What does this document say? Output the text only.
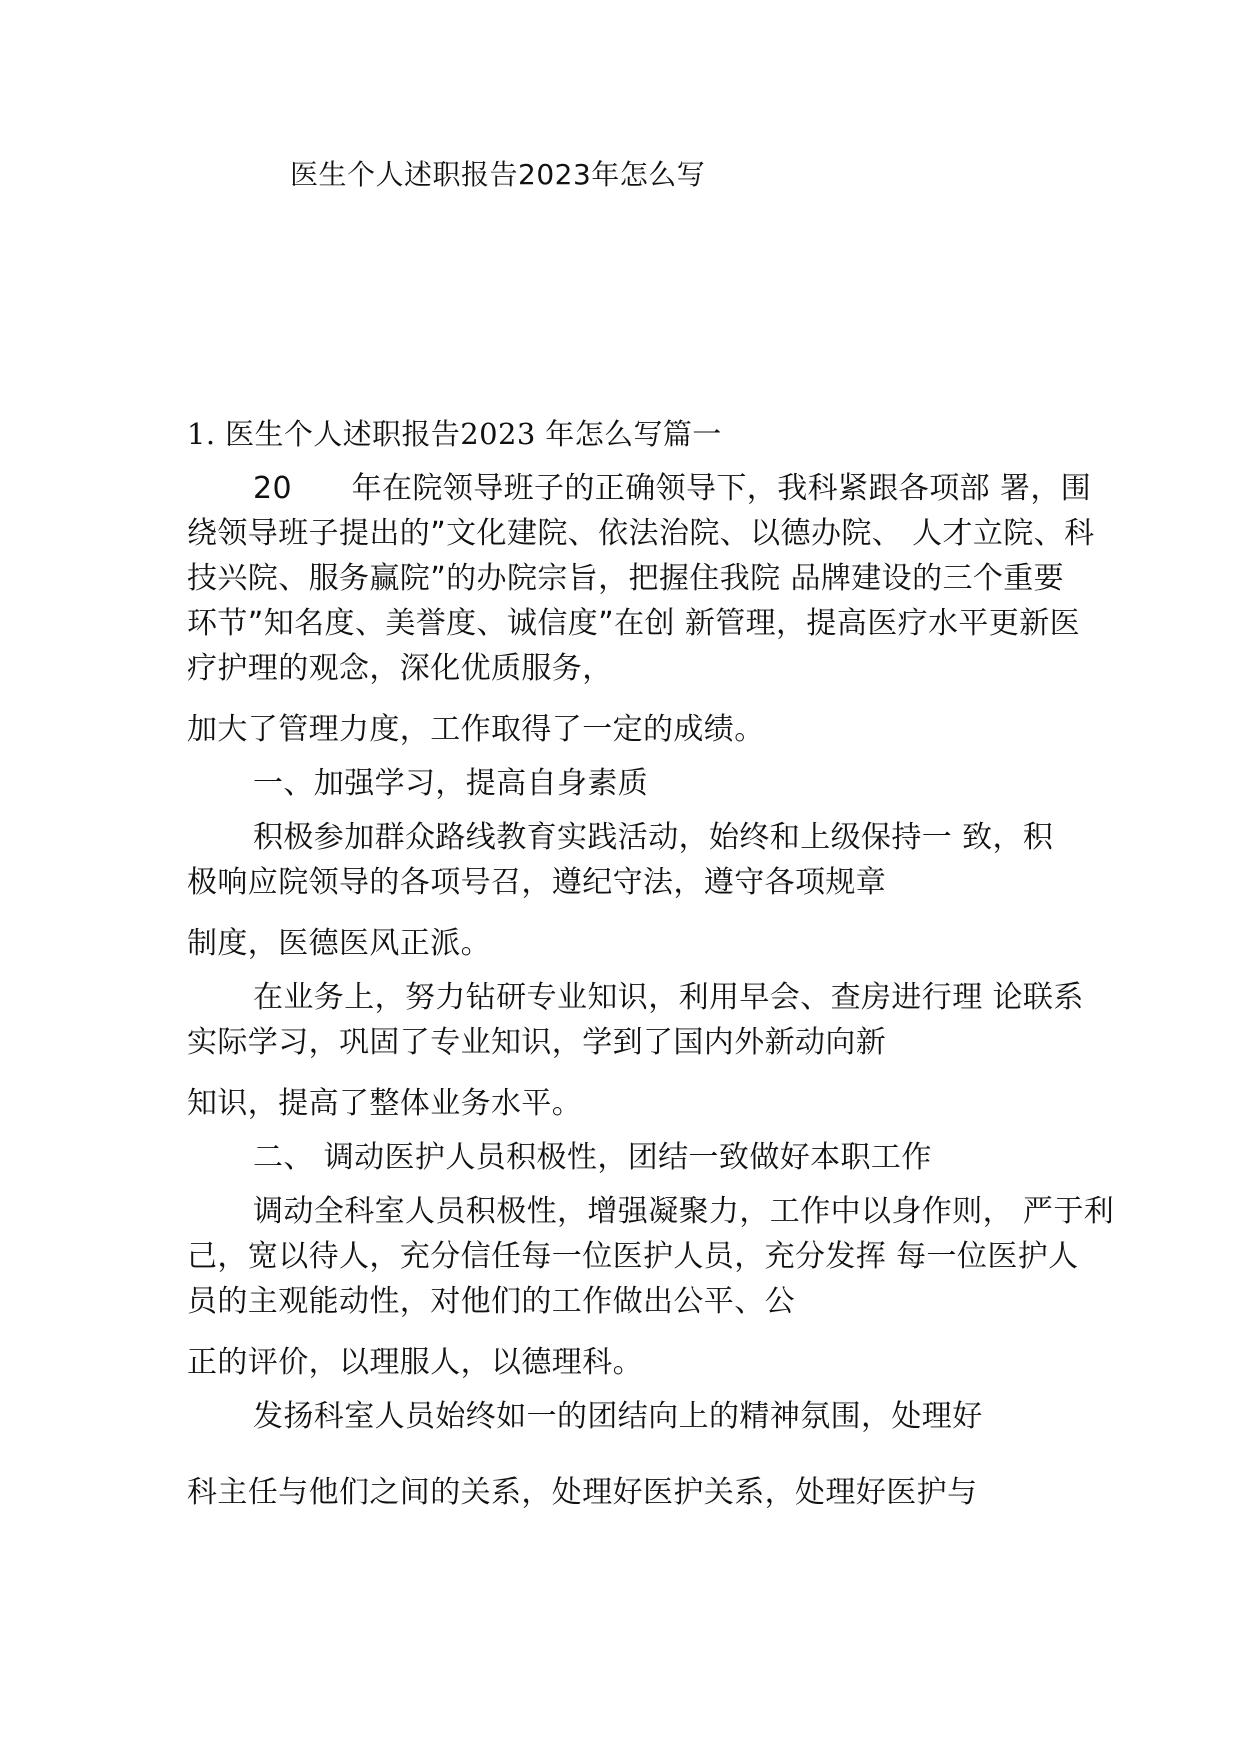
医生个人述职报告2023年怎么写
1. 医生个人述职报告2023 年怎么写篇一
20      年在院领导班子的正确领导下，我科紧跟各项部 署，围
绕领导班子提出的”文化建院、依法治院、以德办院、 人才立院、科
技兴院、服务赢院”的办院宗旨，把握住我院 品牌建设的三个重要
环节”知名度、美誉度、诚信度”在创 新管理，提高医疗水平更新医
疗护理的观念，深化优质服务，
加大了管理力度，工作取得了一定的成绩。
一、加强学习，提高自身素质
积极参加群众路线教育实践活动，始终和上级保持一 致，积
极响应院领导的各项号召，遵纪守法，遵守各项规章
制度，医德医风正派。
在业务上，努力钻研专业知识，利用早会、查房进行理 论联系
实际学习，巩固了专业知识，学到了国内外新动向新
知识，提高了整体业务水平。
二、 调动医护人员积极性，团结一致做好本职工作
调动全科室人员积极性，增强凝聚力，工作中以身作则， 严于利
己，宽以待人，充分信任每一位医护人员，充分发挥 每一位医护人
员的主观能动性，对他们的工作做出公平、公
正的评价，以理服人，以德理科。
发扬科室人员始终如一的团结向上的精神氛围，处理好
科主任与他们之间的关系，处理好医护关系，处理好医护与
